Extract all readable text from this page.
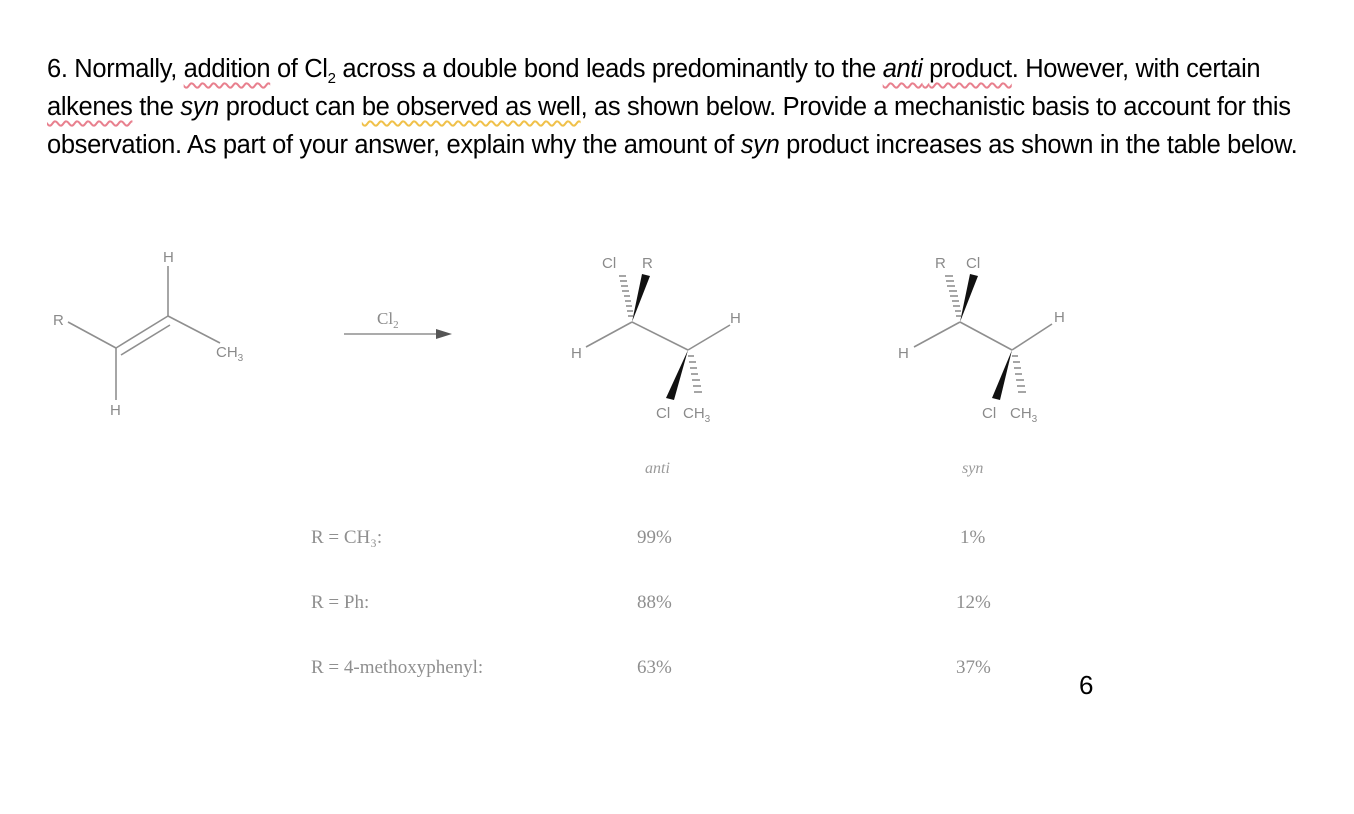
6. Normally, addition of $Cl_2$ across a double bond leads predominantly to the anti product. However, with certain alkenes the syn product can be observed as well, as shown below. Provide a mechanistic basis to account for this observation. As part of your answer, explain why the amount of syn product increases as shown in the table below.
H
R
$CH_3$
H
$Cl_2$
Cl R
H
H
Cl $CH_3$
R Cl
H
H
Cl $CH_3$
anti	syn
R = CH₃:	99%	1%
R = Ph:	88%	12%
R = 4-methoxyphenyl:	63%	37%
6
